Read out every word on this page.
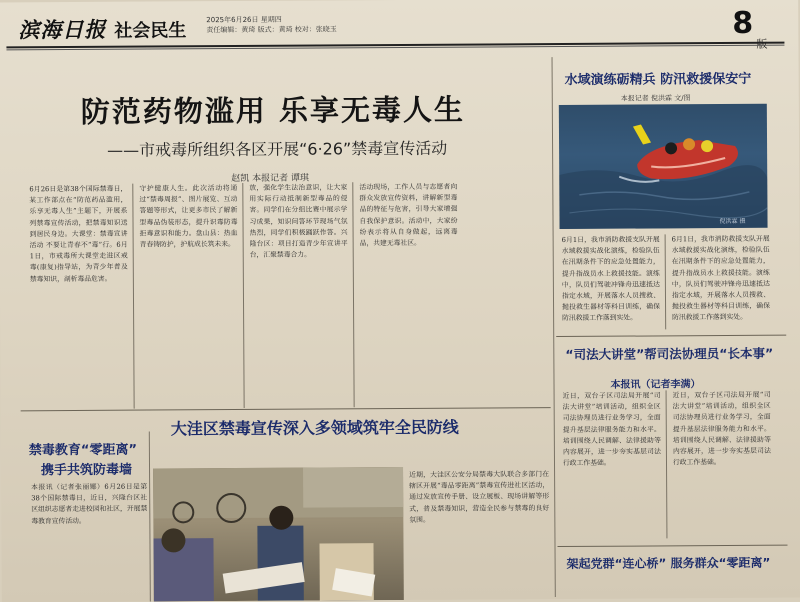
滨海日报 社会民生
2025年6月26日 星期四
责任编辑：黄琦 版式：黄琦 校对：张晓玉	8
防范药物滥用 乐享无毒人生
——市戒毒所组织各区开展“6·26”禁毒宣传活动
赵凯 本报记者 谭琪
6月26日是第38个国际禁毒日，某工作部点在“防范药品滥用，乐享无毒人生”主题下，开展系列禁毒宣传活动，把禁毒知识送到居民身边。大课堂：禁毒宣讲活动 不要让青春不“毒”行。6月1日，市戒毒所大课堂走进区戒毒(康复)指导站，为青少年普及禁毒知识，剖析毒品危害。
守护健康人生。此次活动将通过“禁毒周报”、图片展览、互动答题等形式，让更多市民了解新型毒品伪装形态，提升识毒防毒拒毒意识和能力。盘山县：热血青春铸防护，护航成长筑未来。
放，强化学生法治意识，让大家用实际行动抵制新型毒品的侵害。同学们在分组比赛中展示学习成果，知识问答环节现场气氛热烈，同学们积极踊跃作答。兴隆台区：项目打造青少年宣讲平台，汇聚禁毒合力。
活动现场，工作人员与志愿者向群众发放宣传资料，讲解新型毒品的特征与危害，引导大家增强自我保护意识。活动中，大家纷纷表示将从自身做起，远离毒品，共建无毒社区。
水域演练砺精兵 防汛救援保安宁
本报记者 倪洪霖 文/图
倪洪霖 摄
6月1日，我市消防救援支队开展水域救援实战化演练，检验队伍在汛期条件下的应急处置能力，提升指战员水上救援技能。演练中，队员们驾驶冲锋舟迅速抵达指定水域，开展落水人员搜救、抛投救生器材等科目训练，确保防汛救援工作落到实处。
6月1日，我市消防救援支队开展水域救援实战化演练，检验队伍在汛期条件下的应急处置能力，提升指战员水上救援技能。演练中，队员们驾驶冲锋舟迅速抵达指定水域，开展落水人员搜救、抛投救生器材等科目训练，确保防汛救援工作落到实处。
“司法大讲堂”帮司法协理员“长本事”
本报讯（记者李满）
近日，双台子区司法局开展“司法大讲堂”培训活动，组织全区司法协理员进行业务学习，全面提升基层法律服务能力和水平。培训围绕人民调解、法律援助等内容展开，进一步夯实基层司法行政工作基础。
近日，双台子区司法局开展“司法大讲堂”培训活动，组织全区司法协理员进行业务学习，全面提升基层法律服务能力和水平。培训围绕人民调解、法律援助等内容展开，进一步夯实基层司法行政工作基础。
架起党群“连心桥” 服务群众“零距离”
大洼区禁毒宣传深入多领域筑牢全民防线
禁毒教育“零距离”
携手共筑防毒墙
本报讯（记者张丽娜）6月26日是第38个国际禁毒日，近日，兴隆台区社区组织志愿者走进校园和社区，开展禁毒教育宣传活动。
近期，大洼区公安分局禁毒大队联合多部门在辖区开展“毒品零距离”禁毒宣传进社区活动，通过发放宣传手册、设立展板、现场讲解等形式，普及禁毒知识，营造全民参与禁毒的良好氛围。
